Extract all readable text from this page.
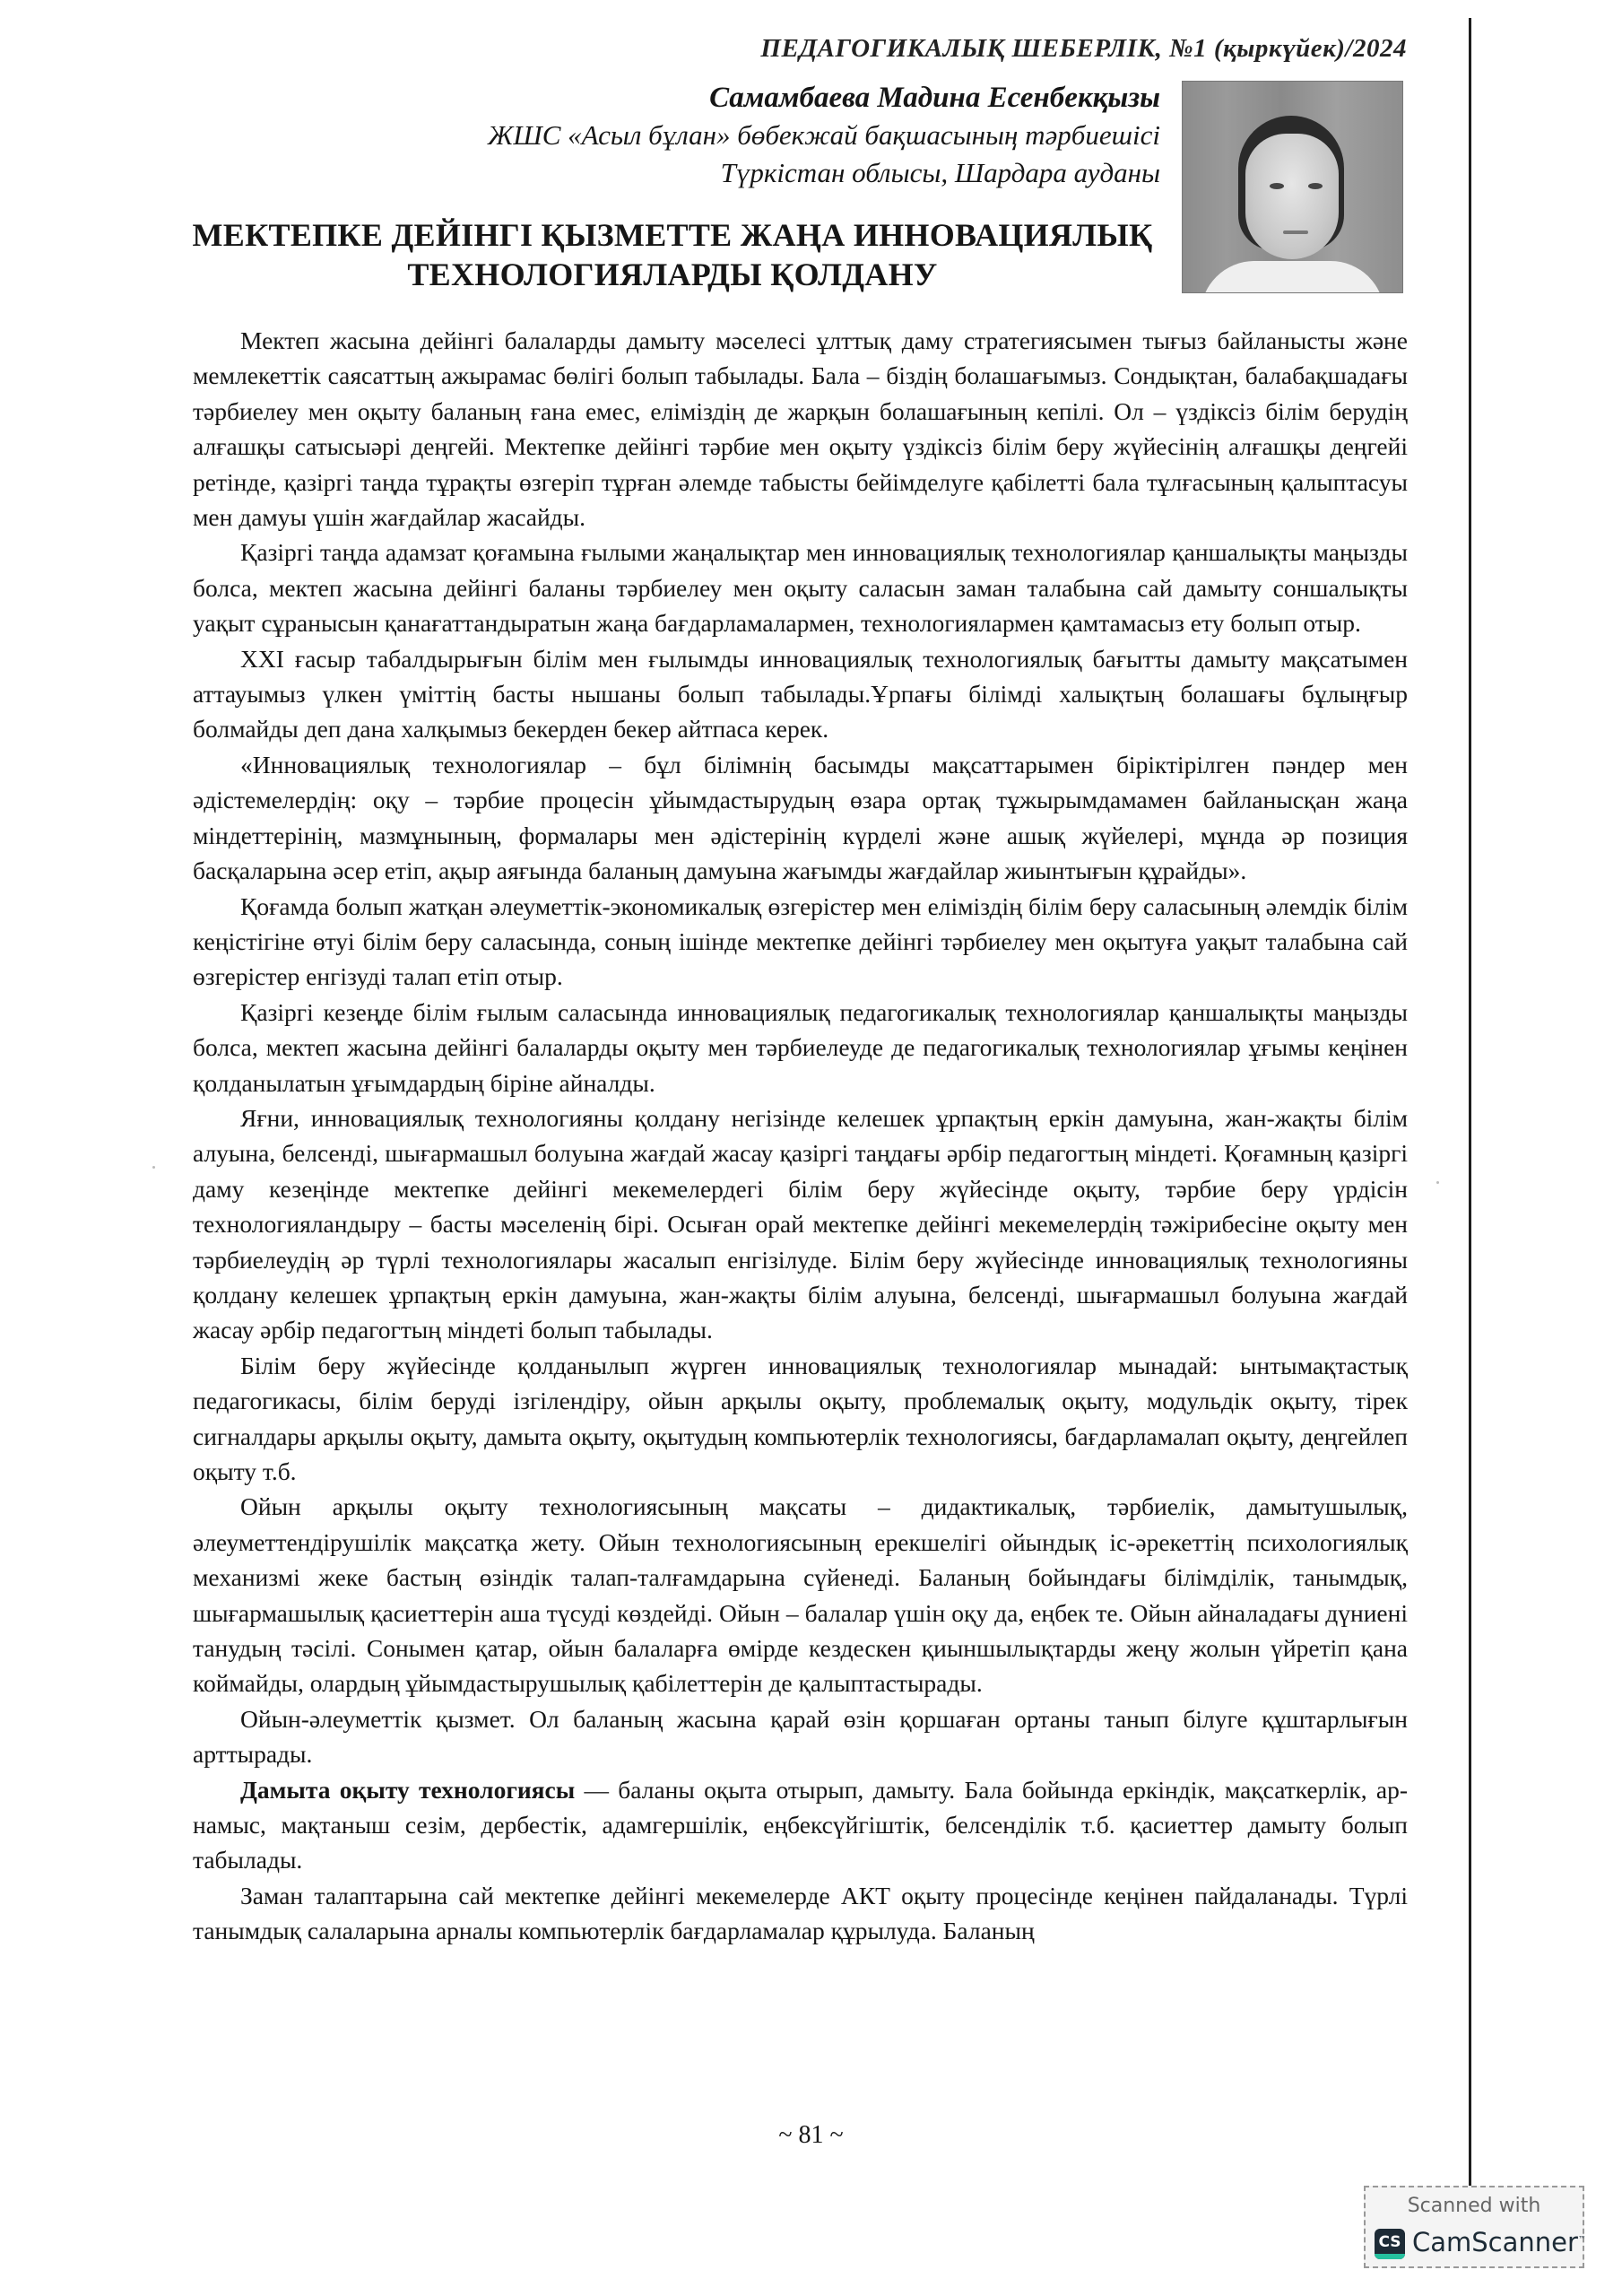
ПЕДАГОГИКАЛЫҚ ШЕБЕРЛІК, №1 (қыркүйек)/2024
Самамбаева Мадина Есенбекқызы
ЖШС «Асыл бұлан» бөбекжай бақшасының тәрбиешісі
Түркістан облысы, Шардара ауданы
МЕКТЕПКЕ ДЕЙІНГІ ҚЫЗМЕТТЕ ЖАҢА ИННОВАЦИЯЛЫҚ
ТЕХНОЛОГИЯЛАРДЫ ҚОЛДАНУ

Мектеп жасына дейінгі балаларды дамыту мәселесі ұлттық даму стратегиясымен тығыз байланысты және мемлекеттік саясаттың ажырамас бөлігі болып табылады. Бала – біздің болашағымыз. Сондықтан, балабақшадағы тәрбиелеу мен оқыту баланың ғана емес, еліміздің де жарқын болашағының кепілі. Ол – үздіксіз білім берудің алғашқы сатысыәрі деңгейі. Мектепке дейінгі тәрбие мен оқыту үздіксіз білім беру жүйесінің алғашқы деңгейі ретінде, қазіргі таңда тұрақты өзгеріп тұрған әлемде табысты бейімделуге қабілетті бала тұлғасының қалыптасуы мен дамуы үшін жағдайлар жасайды.

Қазіргі таңда адамзат қоғамына ғылыми жаңалықтар мен инновациялық технологиялар қаншалықты маңызды болса, мектеп жасына дейінгі баланы тәрбиелеу мен оқыту саласын заман талабына сай дамыту соншалықты уақыт сұранысын қанағаттандыратын жаңа бағдарламалармен, технологиялармен қамтамасыз ету болып отыр.

XXI ғасыр табалдырығын білім мен ғылымды инновациялық технологиялық бағытты дамыту мақсатымен аттауымыз үлкен үміттің басты нышаны болып табылады.Ұрпағы білімді халықтың болашағы бұлыңғыр болмайды деп дана халқымыз бекерден бекер айтпаса керек.

«Инновациялық технологиялар – бұл білімнің басымды мақсаттарымен біріктірілген пәндер мен әдістемелердің: оқу – тәрбие процесін ұйымдастырудың өзара ортақ тұжырымдамамен байланысқан жаңа міндеттерінің, мазмұнының, формалары мен әдістерінің күрделі және ашық жүйелері, мұнда әр позиция басқаларына әсер етіп, ақыр аяғында баланың дамуына жағымды жағдайлар жиынтығын құрайды».

Қоғамда болып жатқан әлеуметтік-экономикалық өзгерістер мен еліміздің білім беру саласының әлемдік білім кеңістігіне өтуі білім беру саласында, соның ішінде мектепке дейінгі тәрбиелеу мен оқытуға уақыт талабына сай өзгерістер енгізуді талап етіп отыр.

Қазіргі кезеңде білім ғылым саласында инновациялық педагогикалық технологиялар қаншалықты маңызды болса, мектеп жасына дейінгі балаларды оқыту мен тәрбиелеуде де педагогикалық технологиялар ұғымы кеңінен қолданылатын ұғымдардың біріне айналды.

Яғни, инновациялық технологияны қолдану негізінде келешек ұрпақтың еркін дамуына, жан-жақты білім алуына, белсенді, шығармашыл болуына жағдай жасау қазіргі таңдағы әрбір педагогтың міндеті. Қоғамның қазіргі даму кезеңінде мектепке дейінгі мекемелердегі білім беру жүйесінде оқыту, тәрбие беру үрдісін технологияландыру – басты мәселенің бірі. Осыған орай мектепке дейінгі мекемелердің тәжірибесіне оқыту мен тәрбиелеудің әр түрлі технологиялары жасалып енгізілуде. Білім беру жүйесінде инновациялық технологияны қолдану келешек ұрпақтың еркін дамуына, жан-жақты білім алуына, белсенді, шығармашыл болуына жағдай жасау әрбір педагогтың міндеті болып табылады.

Білім беру жүйесінде қолданылып жүрген инновациялық технологиялар мынадай: ынтымақтастық педагогикасы, білім беруді ізгілендіру, ойын арқылы оқыту, проблемалық оқыту, модульдік оқыту, тірек сигналдары арқылы оқыту, дамыта оқыту, оқытудың компьютерлік технологиясы, бағдарламалап оқыту, деңгейлеп оқыту т.б.

Ойын арқылы оқыту технологиясының мақсаты – дидактикалық, тәрбиелік, дамытушылық, әлеуметтендірушілік мақсатқа жету. Ойын технологиясының ерекшелігі ойындық іс-әрекеттің психологиялық механизмі жеке бастың өзіндік талап-талғамдарына сүйенеді. Баланың бойындағы білімділік, танымдық, шығармашылық қасиеттерін аша түсуді көздейді. Ойын – балалар үшін оқу да, еңбек те. Ойын айналадағы дүниені танудың тәсілі. Сонымен қатар, ойын балаларға өмірде кездескен қиыншылықтарды жеңу жолын үйретіп қана коймайды, олардың ұйымдастырушылық қабілеттерін де қалыптастырады.

Ойын-әлеуметтік қызмет. Ол баланың жасына қарай өзін қоршаған ортаны танып білуге құштарлығын арттырады.

Дамыта оқыту технологиясы — баланы оқыта отырып, дамыту. Бала бойында еркіндік, мақсаткерлік, ар-намыс, мақтаныш сезім, дербестік, адамгершілік, еңбексүйгіштік, белсенділік т.б. қасиеттер дамыту болып табылады.

Заман талаптарына сай мектепке дейінгі мекемелерде АКТ оқыту процесінде кеңінен пайдаланады. Түрлі танымдық салаларына арналы компьютерлік бағдарламалар құрылуда. Баланың

~ 81 ~
Scanned with
CS CamScanner™
